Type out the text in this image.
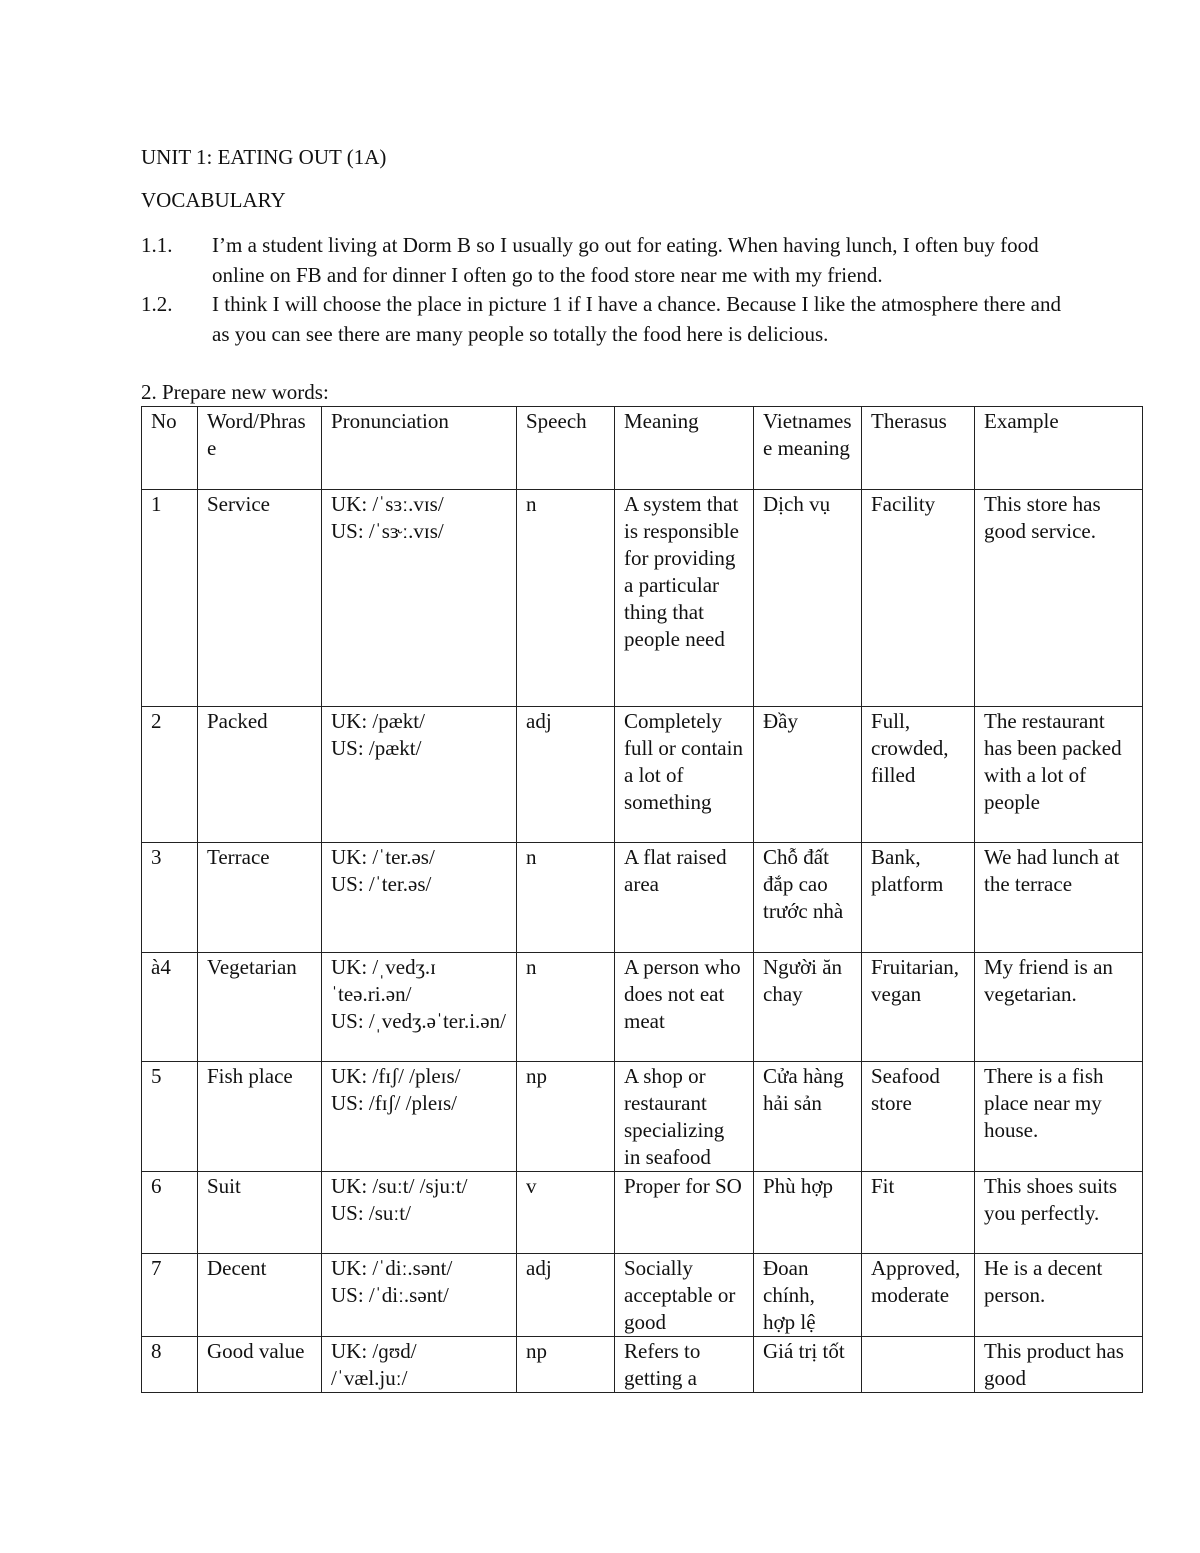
UNIT 1: EATING OUT (1A)
VOCABULARY
1.1. I’m a student living at Dorm B so I usually go out for eating. When having lunch, I often buy food online on FB and for dinner I often go to the food store near me with my friend.
1.2. I think I will choose the place in picture 1 if I have a chance. Because I like the atmosphere there and as you can see there are many people so totally the food here is delicious.
2. Prepare new words:
No	Word/Phrase	Pronunciation	Speech	Meaning	Vietnamese meaning	Therasus	Example
1	Service	UK: /ˈsɜː.vɪs/
US: /ˈsɝː.vɪs/	n	A system that is responsible for providing a particular thing that people need	Dịch vụ	Facility	This store has good service.
2	Packed	UK: /pækt/
US: /pækt/	adj	Completely full or contain a lot of something	Đầy	Full, crowded, filled	The restaurant has been packed with a lot of people
3	Terrace	UK: /ˈter.əs/
US: /ˈter.əs/	n	A flat raised area	Chỗ đất đắp cao trước nhà	Bank, platform	We had lunch at the terrace
à4	Vegetarian	UK: /ˌvedʒ.ɪˈteə.ri.ən/
US: /ˌvedʒ.əˈter.i.ən/	n	A person who does not eat meat	Người ăn chay	Fruitarian, vegan	My friend is an vegetarian.
5	Fish place	UK: /fɪʃ/ /pleɪs/
US: /fɪʃ/ /pleɪs/	np	A shop or restaurant specializing in seafood	Cửa hàng hải sản	Seafood store	There is a fish place near my house.
6	Suit	UK: /suːt/ /sjuːt/
US: /suːt/	v	Proper for SO	Phù hợp	Fit	This shoes suits you perfectly.
7	Decent	UK: /ˈdiː.sənt/
US: /ˈdiː.sənt/	adj	Socially acceptable or good	Đoan chính, hợp lệ	Approved, moderate	He is a decent person.
8	Good value	UK: /ɡʊd/
/ˈvæl.juː/	np	Refers to getting a	Giá trị tốt		This product has good
